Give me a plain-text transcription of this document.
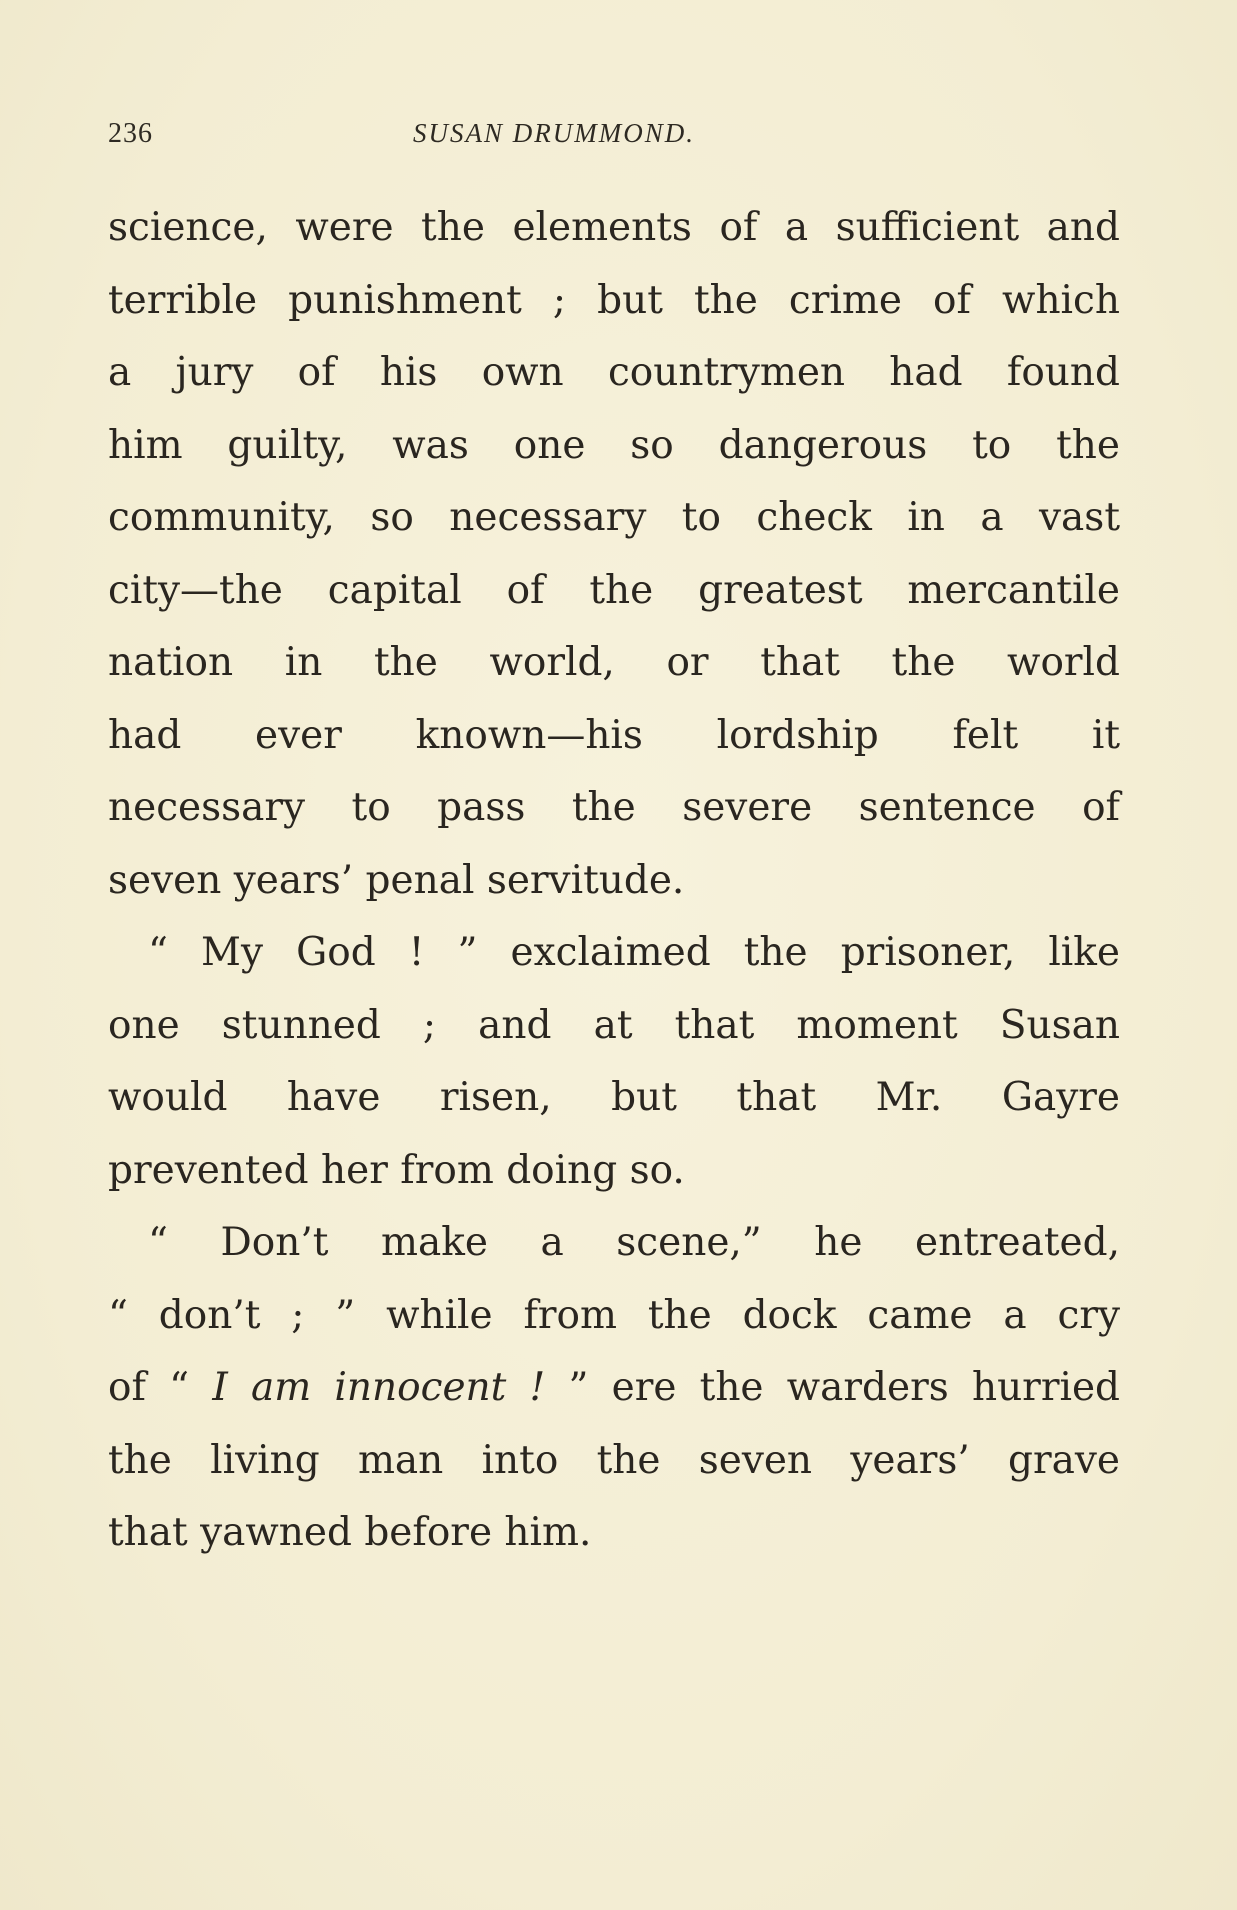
236	SUSAN DRUMMOND.
science, were the elements of a sufficient and
terrible punishment ; but the crime of which
a jury of his own countrymen had found
him guilty, was one so dangerous to the
community, so necessary to check in a vast
city—the capital of the greatest mercantile
nation in the world, or that the world
had ever known—his lordship felt it
necessary to pass the severe sentence of
seven years’ penal servitude.
“ My God ! ” exclaimed the prisoner, like
one stunned ; and at that moment Susan
would have risen, but that Mr. Gayre
prevented her from doing so.
“ Don’t make a scene,” he entreated,
“ don’t ; ” while from the dock came a cry
of “ I am innocent ! ” ere the warders hurried
the living man into the seven years’ grave
that yawned before him.
